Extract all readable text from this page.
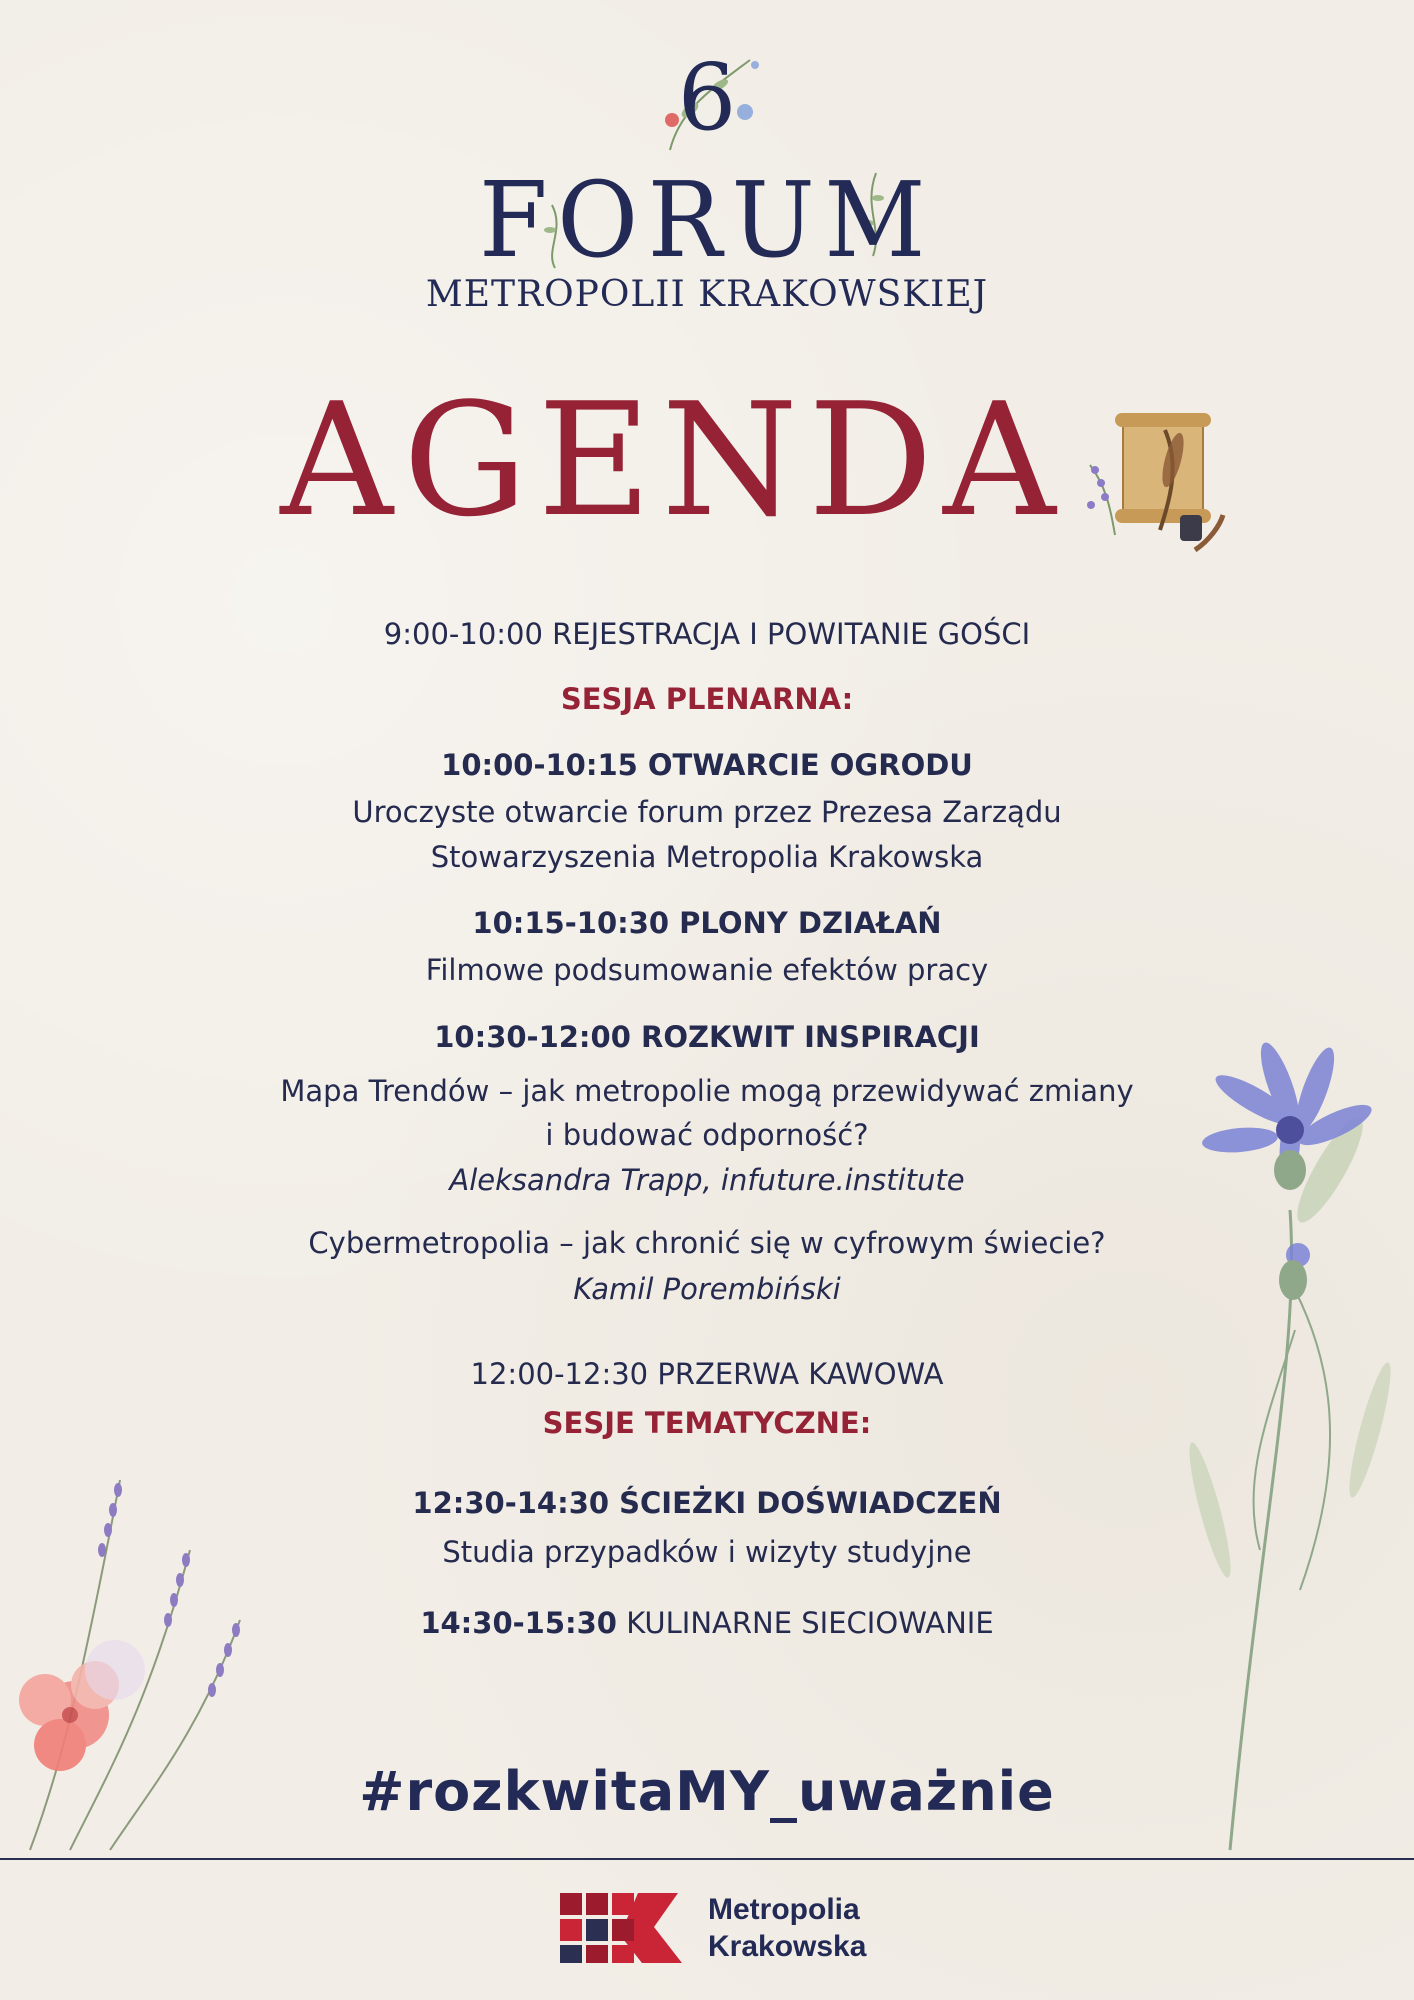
6
FORUM
METROPOLII KRAKOWSKIEJ
AGENDA
9:00-10:00 REJESTRACJA I POWITANIE GOŚCI
SESJA PLENARNA:
10:00-10:15 OTWARCIE OGRODU
Uroczyste otwarcie forum przez Prezesa Zarządu
Stowarzyszenia Metropolia Krakowska
10:15-10:30 PLONY DZIAŁAŃ
Filmowe podsumowanie efektów pracy
10:30-12:00 ROZKWIT INSPIRACJI
Mapa Trendów – jak metropolie mogą przewidywać zmiany
i budować odporność?
Aleksandra Trapp, infuture.institute
Cybermetropolia – jak chronić się w cyfrowym świecie?
Kamil Porembiński
12:00-12:30 PRZERWA KAWOWA
SESJE TEMATYCZNE:
12:30-14:30 ŚCIEŻKI DOŚWIADCZEŃ
Studia przypadków i wizyty studyjne
14:30-15:30 KULINARNE SIECIOWANIE
#rozkwitaMY_uważnie
Metropolia
Krakowska
